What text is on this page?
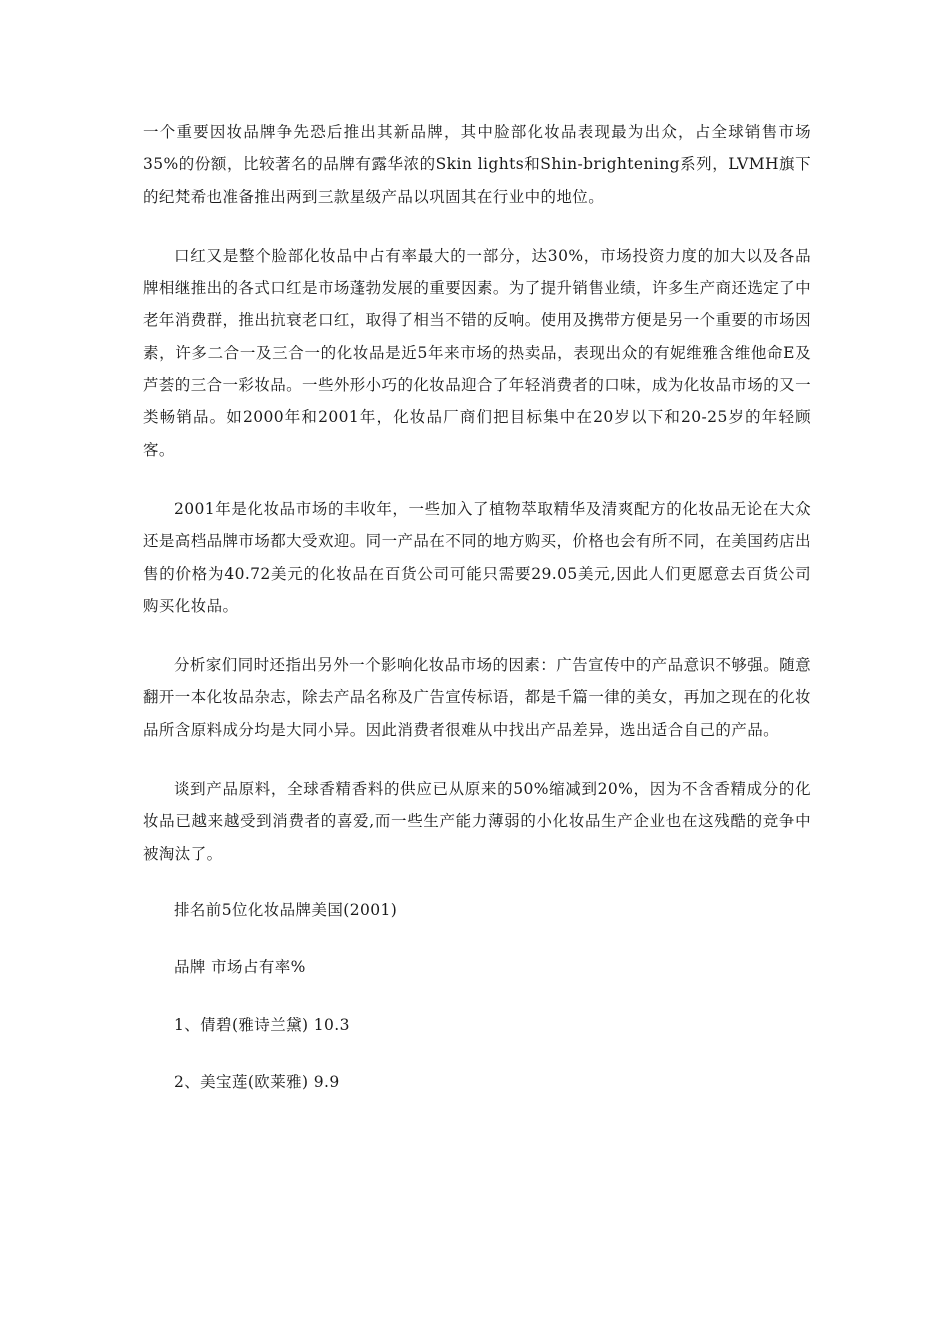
一个重要因妆品牌争先恐后推出其新品牌，其中脸部化妆品表现最为出众，占全球销售市场35%的份额，比较著名的品牌有露华浓的Skin lights和Shin-brightening系列，LVMH旗下的纪梵希也准备推出两到三款星级产品以巩固其在行业中的地位。

口红又是整个脸部化妆品中占有率最大的一部分，达30%，市场投资力度的加大以及各品牌相继推出的各式口红是市场蓬勃发展的重要因素。为了提升销售业绩，许多生产商还选定了中老年消费群，推出抗衰老口红，取得了相当不错的反响。使用及携带方便是另一个重要的市场因素，许多二合一及三合一的化妆品是近5年来市场的热卖品，表现出众的有妮维雅含维他命E及芦荟的三合一彩妆品。一些外形小巧的化妆品迎合了年轻消费者的口味，成为化妆品市场的又一类畅销品。如2000年和2001年，化妆品厂商们把目标集中在20岁以下和20-25岁的年轻顾客。

2001年是化妆品市场的丰收年，一些加入了植物萃取精华及清爽配方的化妆品无论在大众还是高档品牌市场都大受欢迎。同一产品在不同的地方购买，价格也会有所不同，在美国药店出售的价格为40.72美元的化妆品在百货公司可能只需要29.05美元,因此人们更愿意去百货公司购买化妆品。

分析家们同时还指出另外一个影响化妆品市场的因素：广告宣传中的产品意识不够强。随意翻开一本化妆品杂志，除去产品名称及广告宣传标语，都是千篇一律的美女，再加之现在的化妆品所含原料成分均是大同小异。因此消费者很难从中找出产品差异，选出适合自己的产品。

谈到产品原料，全球香精香料的供应已从原来的50%缩减到20%，因为不含香精成分的化妆品已越来越受到消费者的喜爱,而一些生产能力薄弱的小化妆品生产企业也在这残酷的竞争中被淘汰了。

排名前5位化妆品牌美国(2001)

品牌 市场占有率%

1、倩碧(雅诗兰黛) 10.3

2、美宝莲(欧莱雅) 9.9
